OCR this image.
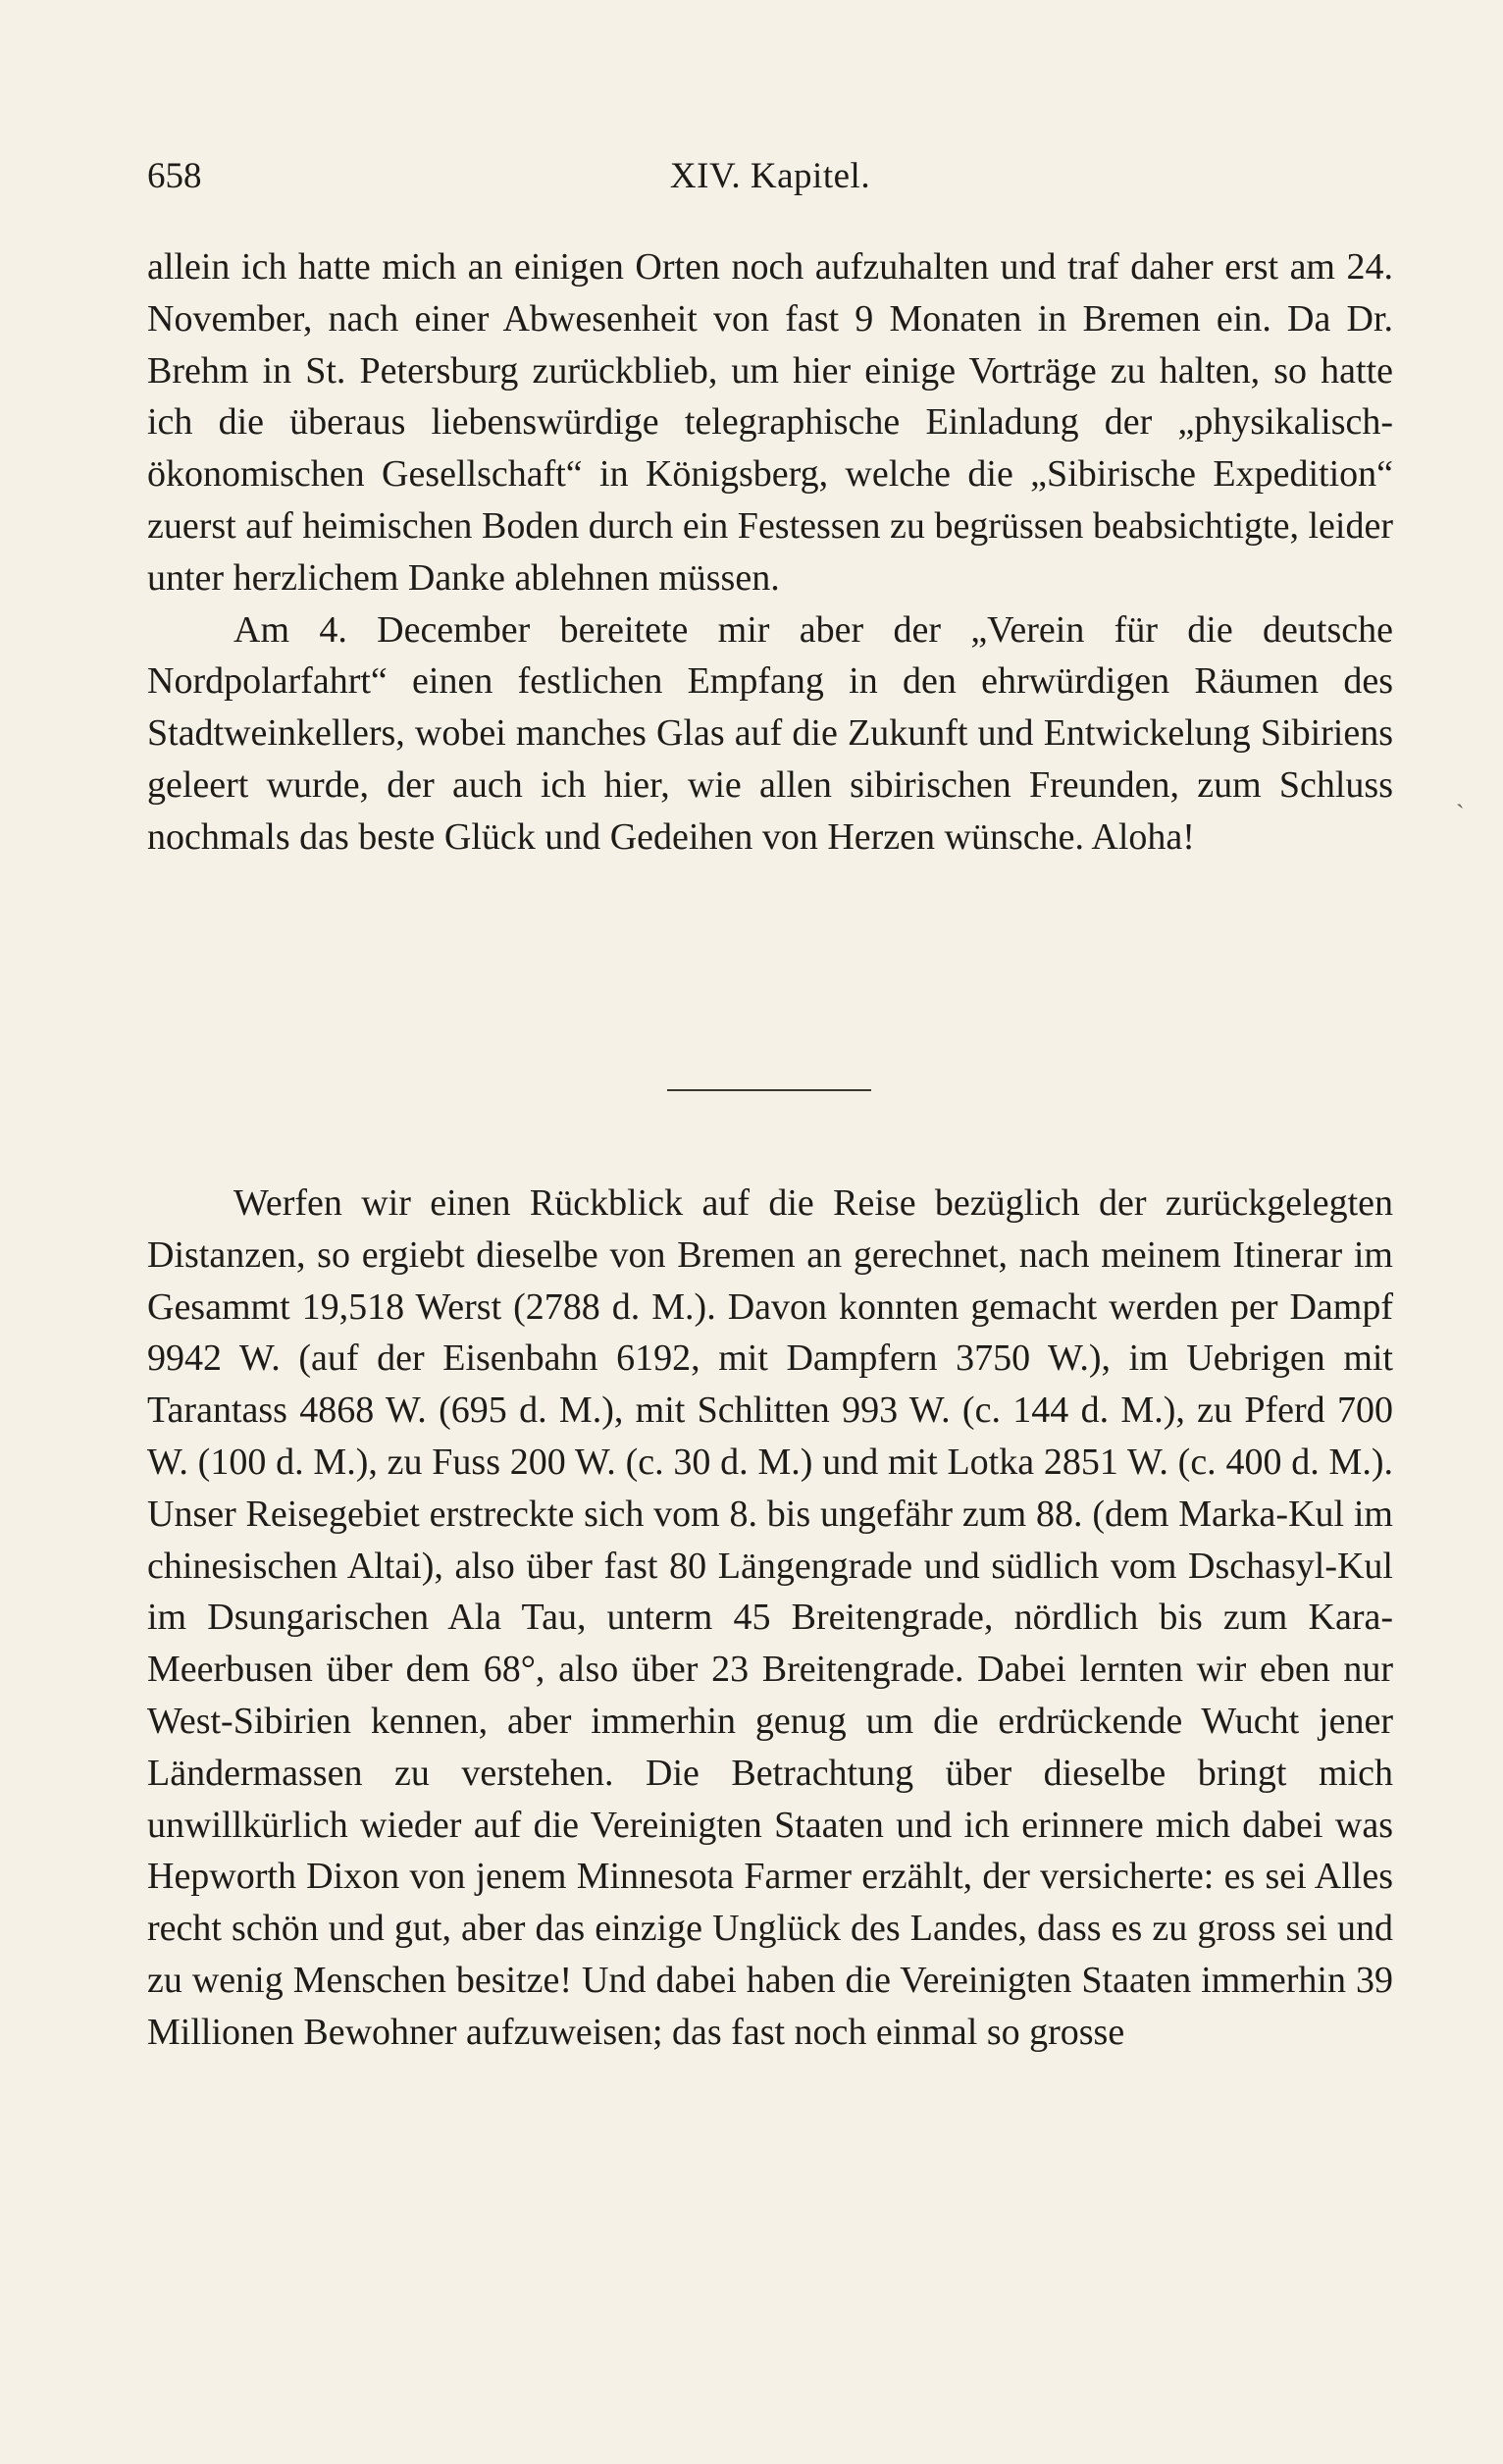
658	XIV. Kapitel.

allein ich hatte mich an einigen Orten noch aufzuhalten und traf daher erst am 24. November, nach einer Abwesenheit von fast 9 Monaten in Bremen ein. Da Dr. Brehm in St. Petersburg zurückblieb, um hier einige Vorträge zu halten, so hatte ich die überaus liebenswürdige telegraphische Einladung der „physikalisch-ökonomischen Gesellschaft“ in Königsberg, welche die „Sibirische Expedition“ zuerst auf heimischen Boden durch ein Festessen zu begrüssen beabsichtigte, leider unter herzlichem Danke ablehnen müssen.

Am 4. December bereitete mir aber der „Verein für die deutsche Nordpolarfahrt“ einen festlichen Empfang in den ehrwürdigen Räumen des Stadtweinkellers, wobei manches Glas auf die Zukunft und Entwickelung Sibiriens geleert wurde, der auch ich hier, wie allen sibirischen Freunden, zum Schluss nochmals das beste Glück und Gedeihen von Herzen wünsche. Aloha!

ˎ

Werfen wir einen Rückblick auf die Reise bezüglich der zurückgelegten Distanzen, so ergiebt dieselbe von Bremen an gerechnet, nach meinem Itinerar im Gesammt 19,518 Werst (2788 d. M.). Davon konnten gemacht werden per Dampf 9942 W. (auf der Eisenbahn 6192, mit Dampfern 3750 W.), im Uebrigen mit Tarantass 4868 W. (695 d. M.), mit Schlitten 993 W. (c. 144 d. M.), zu Pferd 700 W. (100 d. M.), zu Fuss 200 W. (c. 30 d. M.) und mit Lotka 2851 W. (c. 400 d. M.). Unser Reisegebiet erstreckte sich vom 8. bis ungefähr zum 88. (dem Marka-Kul im chinesischen Altai), also über fast 80 Längengrade und südlich vom Dschasyl-Kul im Dsungarischen Ala Tau, unterm 45 Breitengrade, nördlich bis zum Kara-Meerbusen über dem 68°, also über 23 Breitengrade. Dabei lernten wir eben nur West-Sibirien kennen, aber immerhin genug um die erdrückende Wucht jener Ländermassen zu verstehen. Die Betrachtung über dieselbe bringt mich unwillkürlich wieder auf die Vereinigten Staaten und ich erinnere mich dabei was Hepworth Dixon von jenem Minnesota Farmer erzählt, der versicherte: es sei Alles recht schön und gut, aber das einzige Unglück des Landes, dass es zu gross sei und zu wenig Menschen besitze! Und dabei haben die Vereinigten Staaten immerhin 39 Millionen Bewohner aufzuweisen; das fast noch einmal so grosse
